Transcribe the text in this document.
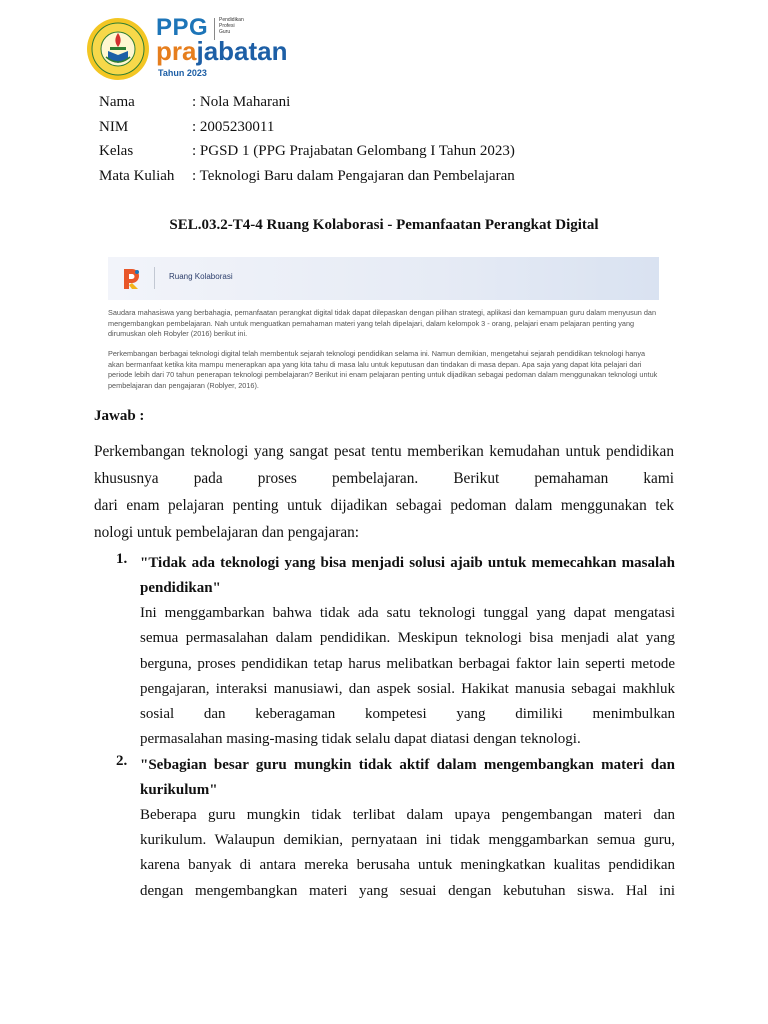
PPG Pendidikan
Profesi
Guru
prajabatan
Tahun 2023
Nama	: Nola Maharani
NIM	: 2005230011
Kelas	: PGSD 1 (PPG Prajabatan Gelombang I Tahun 2023)
Mata Kuliah : Teknologi Baru dalam Pengajaran dan Pembelajaran
SEL.03.2-T4-4 Ruang Kolaborasi - Pemanfaatan Perangkat Digital
Ruang Kolaborasi
Saudara mahasiswa yang berbahagia, pemanfaatan perangkat digital tidak dapat dilepaskan dengan pilihan strategi, aplikasi dan kemampuan guru dalam menyusun dan mengembangkan pembelajaran. Nah untuk menguatkan pemahaman materi yang telah dipelajari, dalam kelompok 3 - orang, pelajari enam pelajaran penting yang dirumuskan oleh Robyler (2016) berikut ini.
Perkembangan berbagai teknologi digital telah membentuk sejarah teknologi pendidikan selama ini. Namun demikian, mengetahui sejarah pendidikan teknologi hanya akan bermanfaat ketika kita mampu menerapkan apa yang kita tahu di masa lalu untuk keputusan dan tindakan di masa depan. Apa saja yang dapat kita pelajari dari periode lebih dari 70 tahun penerapan teknologi pembelajaran? Berikut ini enam pelajaran penting untuk dijadikan sebagai pedoman dalam menggunakan teknologi untuk pembelajaran dan pengajaran (Roblyer, 2016).
Jawab :
Perkembangan teknologi yang sangat pesat tentu memberikan kemudahan untuk pendidikan
khususnya pada proses pembelajaran. Berikut pemahaman kami
dari enam pelajaran penting untuk dijadikan sebagai pedoman dalam menggunakan tek
nologi untuk pembelajaran dan pengajaran:
1. "Tidak ada teknologi yang bisa menjadi solusi ajaib untuk memecahkan masalah pendidikan"
Ini menggambarkan bahwa tidak ada satu teknologi tunggal yang dapat mengatasi
semua permasalahan dalam pendidikan. Meskipun teknologi bisa menjadi alat yang
berguna, proses pendidikan tetap harus melibatkan berbagai faktor lain seperti metode
pengajaran, interaksi manusiawi, dan aspek sosial. Hakikat manusia sebagai makhluk
sosial dan keberagaman kompetesi yang dimiliki menimbulkan
permasalahan masing-masing tidak selalu dapat diatasi dengan teknologi.
2. "Sebagian besar guru mungkin tidak aktif dalam mengembangkan materi dan kurikulum"
Beberapa guru mungkin tidak terlibat dalam upaya pengembangan materi dan
kurikulum. Walaupun demikian, pernyataan ini tidak menggambarkan semua guru,
karena banyak di antara mereka berusaha untuk meningkatkan kualitas pendidikan
dengan mengembangkan materi yang sesuai dengan kebutuhan siswa. Hal ini
